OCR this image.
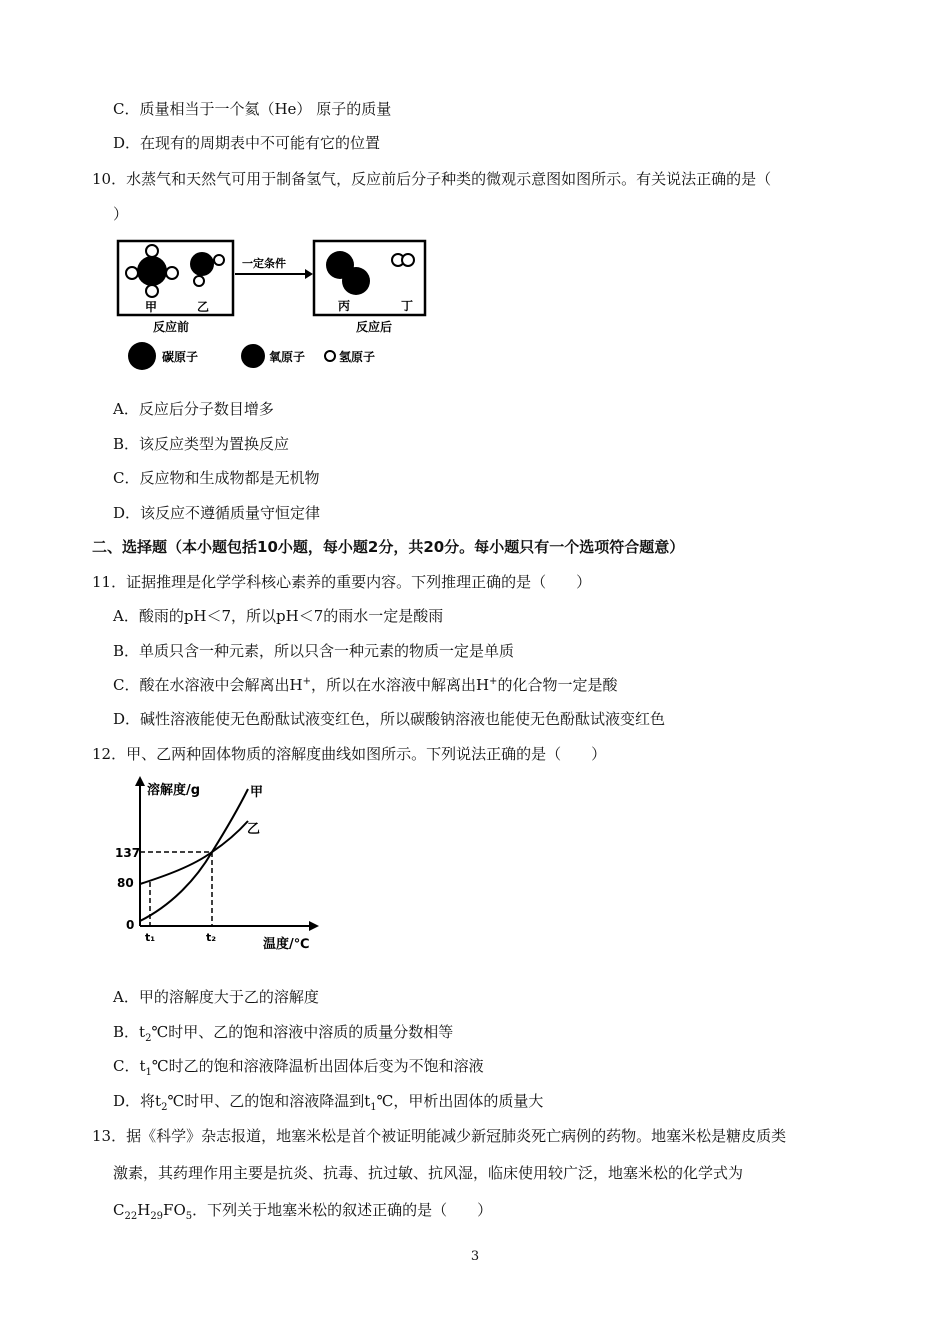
C．质量相当于一个氦（He） 原子的质量
D．在现有的周期表中不可能有它的位置
10．水蒸气和天然气可用于制备氢气，反应前后分子种类的微观示意图如图所示。有关说法正确的是（
）
甲	乙
一定条件
丙	丁
反应前	反应后
碳原子	氧原子	氢原子
A．反应后分子数目增多
B．该反应类型为置换反应
C．反应物和生成物都是无机物
D．该反应不遵循质量守恒定律
二、选择题（本小题包括10小题，每小题2分，共20分。每小题只有一个选项符合题意）
11．证据推理是化学学科核心素养的重要内容。下列推理正确的是（　　）
A．酸雨的pH＜7，所以pH＜7的雨水一定是酸雨
B．单质只含一种元素，所以只含一种元素的物质一定是单质
C．酸在水溶液中会解离出H+，所以在水溶液中解离出H+的化合物一定是酸
D．碱性溶液能使无色酚酞试液变红色，所以碳酸钠溶液也能使无色酚酞试液变红色
12．甲、乙两种固体物质的溶解度曲线如图所示。下列说法正确的是（　　）
溶解度/g
温度/℃
甲
乙
137
80
0
t₁	t₂
A．甲的溶解度大于乙的溶解度
B．$t_2℃$时甲、乙的饱和溶液中溶质的质量分数相等
C．$t_1℃$时乙的饱和溶液降温析出固体后变为不饱和溶液
D．将$t_2℃$时甲、乙的饱和溶液降温到$t_1℃$，甲析出固体的质量大
13．据《科学》杂志报道，地塞米松是首个被证明能减少新冠肺炎死亡病例的药物。地塞米松是糖皮质类
激素，其药理作用主要是抗炎、抗毒、抗过敏、抗风湿，临床使用较广泛，地塞米松的化学式为
$C_{22}H_{29}FO_5$．下列关于地塞米松的叙述正确的是（　　）
3
